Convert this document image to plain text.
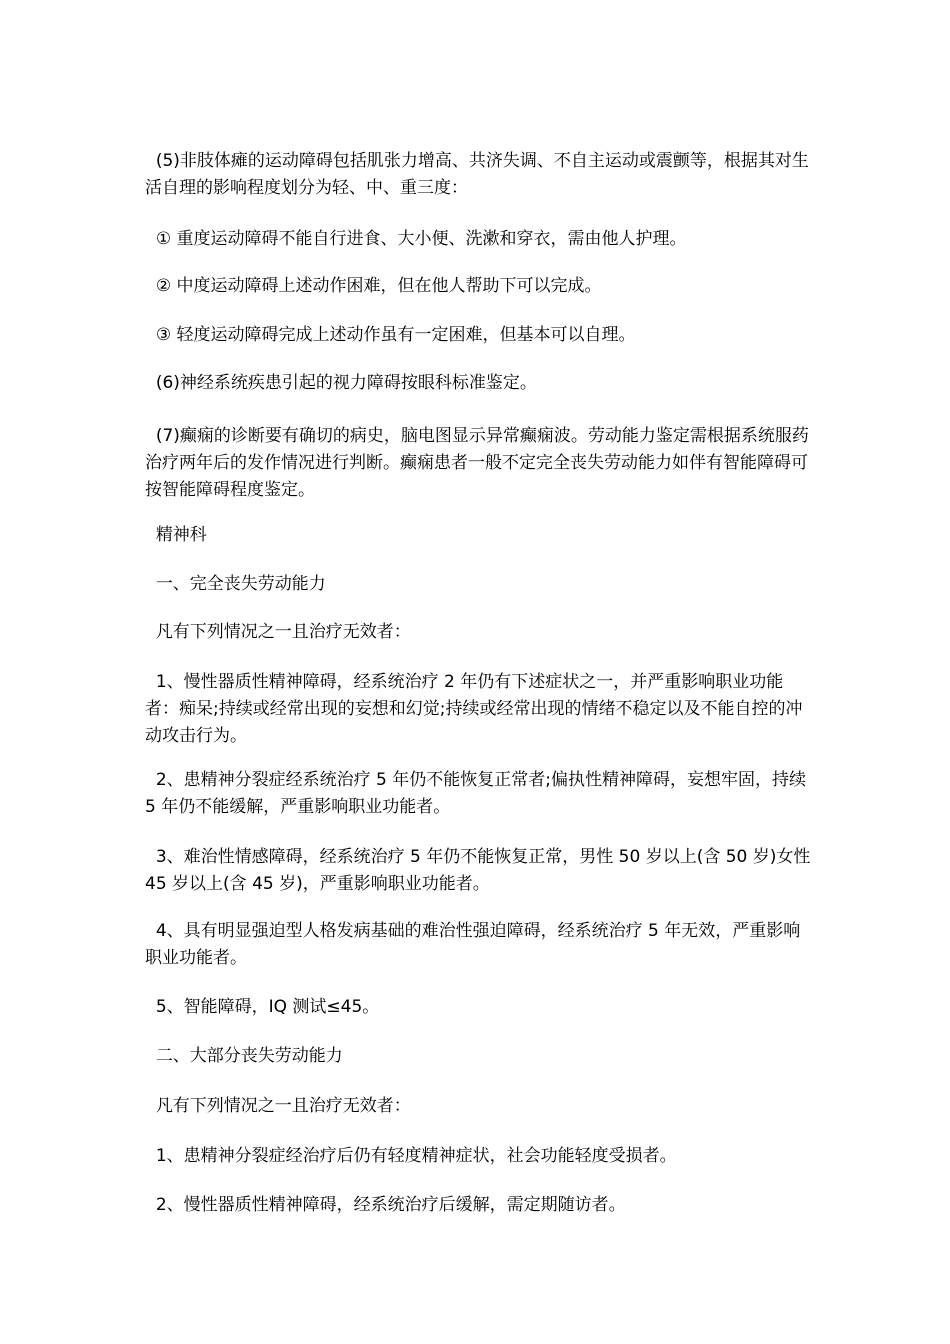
(5)非肢体瘫的运动障碍包括肌张力增高、共济失调、不自主运动或震颤等，根据其对生活自理的影响程度划分为轻、中、重三度：

① 重度运动障碍不能自行进食、大小便、洗漱和穿衣，需由他人护理。

② 中度运动障碍上述动作困难，但在他人帮助下可以完成。

③ 轻度运动障碍完成上述动作虽有一定困难，但基本可以自理。

(6)神经系统疾患引起的视力障碍按眼科标准鉴定。

(7)癫痫的诊断要有确切的病史，脑电图显示异常癫痫波。劳动能力鉴定需根据系统服药治疗两年后的发作情况进行判断。癫痫患者一般不定完全丧失劳动能力如伴有智能障碍可按智能障碍程度鉴定。

精神科

一、完全丧失劳动能力

凡有下列情况之一且治疗无效者：

1、慢性器质性精神障碍，经系统治疗 2 年仍有下述症状之一，并严重影响职业功能者：痴呆;持续或经常出现的妄想和幻觉;持续或经常出现的情绪不稳定以及不能自控的冲动攻击行为。

2、患精神分裂症经系统治疗 5 年仍不能恢复正常者;偏执性精神障碍，妄想牢固，持续 5 年仍不能缓解，严重影响职业功能者。

3、难治性情感障碍，经系统治疗 5 年仍不能恢复正常，男性 50 岁以上(含 50 岁)女性 45 岁以上(含 45 岁)，严重影响职业功能者。

4、具有明显强迫型人格发病基础的难治性强迫障碍，经系统治疗 5 年无效，严重影响职业功能者。

5、智能障碍，IQ 测试≤45。

二、大部分丧失劳动能力

凡有下列情况之一且治疗无效者：

1、患精神分裂症经治疗后仍有轻度精神症状，社会功能轻度受损者。

2、慢性器质性精神障碍，经系统治疗后缓解，需定期随访者。
